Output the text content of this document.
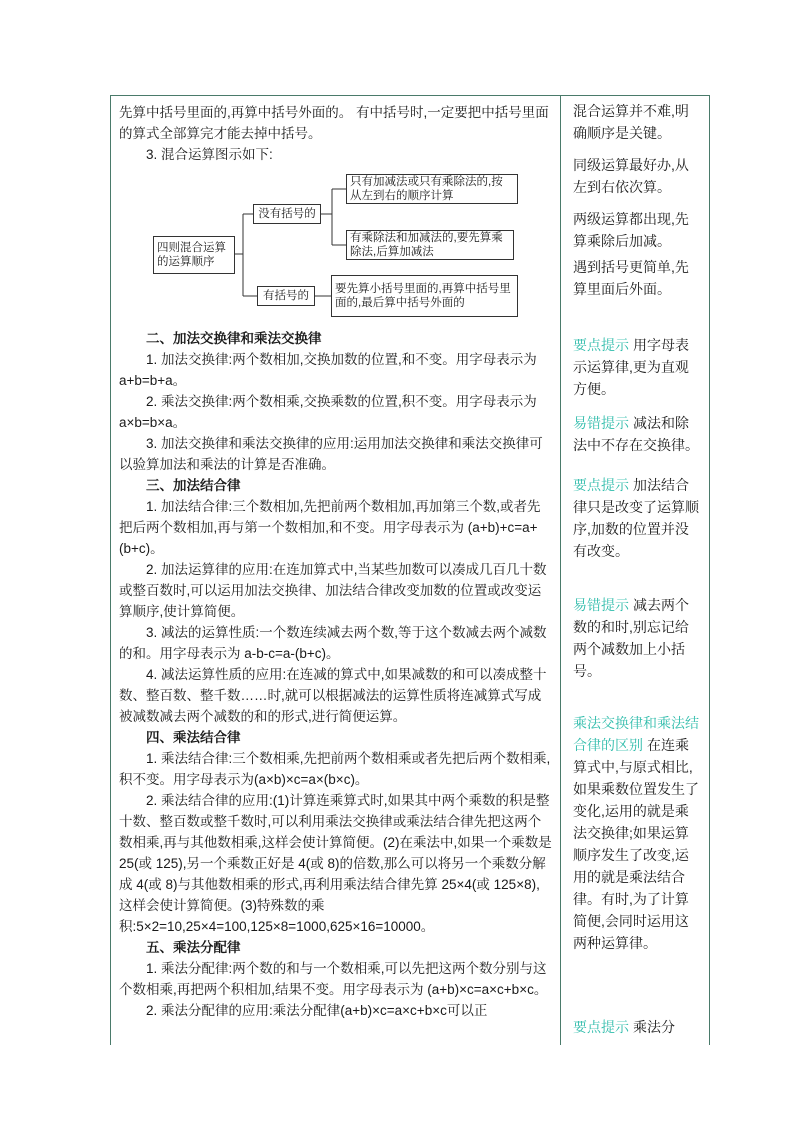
先算中括号里面的,再算中括号外面的。 有中括号时,一定要把中括号里面的算式全部算完才能去掉中括号。

3. 混合运算图示如下:

四则混合运算的运算顺序
没有括号的
有括号的
只有加减法或只有乘除法的,按从左到右的顺序计算
有乘除法和加减法的,要先算乘除法,后算加减法
要先算小括号里面的,再算中括号里面的,最后算中括号外面的

二、加法交换律和乘法交换律

1. 加法交换律:两个数相加,交换加数的位置,和不变。用字母表示为 a+b=b+a。

2. 乘法交换律:两个数相乘,交换乘数的位置,积不变。用字母表示为 a×b=b×a。

3. 加法交换律和乘法交换律的应用:运用加法交换律和乘法交换律可以验算加法和乘法的计算是否准确。

三、加法结合律

1. 加法结合律:三个数相加,先把前两个数相加,再加第三个数,或者先把后两个数相加,再与第一个数相加,和不变。用字母表示为 (a+b)+c=a+(b+c)。

2. 加法运算律的应用:在连加算式中,当某些加数可以凑成几百几十数或整百数时,可以运用加法交换律、加法结合律改变加数的位置或改变运算顺序,使计算简便。

3. 减法的运算性质:一个数连续减去两个数,等于这个数减去两个减数的和。用字母表示为 a-b-c=a-(b+c)。

4. 减法运算性质的应用:在连减的算式中,如果减数的和可以凑成整十数、整百数、整千数……时,就可以根据减法的运算性质将连减算式写成被减数减去两个减数的和的形式,进行简便运算。

四、乘法结合律

1. 乘法结合律:三个数相乘,先把前两个数相乘或者先把后两个数相乘,积不变。用字母表示为(a×b)×c=a×(b×c)。

2. 乘法结合律的应用:(1)计算连乘算式时,如果其中两个乘数的积是整十数、整百数或整千数时,可以利用乘法交换律或乘法结合律先把这两个数相乘,再与其他数相乘,这样会使计算简便。(2)在乘法中,如果一个乘数是 25(或 125),另一个乘数正好是 4(或 8)的倍数,那么可以将另一个乘数分解成 4(或 8)与其他数相乘的形式,再利用乘法结合律先算 25×4(或 125×8),这样会使计算简便。(3)特殊数的乘积:5×2=10,25×4=100,125×8=1000,625×16=10000。

五、乘法分配律

1. 乘法分配律:两个数的和与一个数相乘,可以先把这两个数分别与这个数相乘,再把两个积相加,结果不变。用字母表示为 (a+b)×c=a×c+b×c。

2. 乘法分配律的应用:乘法分配律(a+b)×c=a×c+b×c可以正

混合运算并不难,明确顺序是关键。
同级运算最好办,从左到右依次算。
两级运算都出现,先算乘除后加减。
遇到括号更简单,先算里面后外面。
要点提示 用字母表示运算律,更为直观方便。
易错提示 减法和除法中不存在交换律。
要点提示 加法结合律只是改变了运算顺序,加数的位置并没有改变。
易错提示 减去两个数的和时,别忘记给两个减数加上小括号。
乘法交换律和乘法结合律的区别 在连乘算式中,与原式相比,如果乘数位置发生了变化,运用的就是乘法交换律;如果运算顺序发生了改变,运用的就是乘法结合律。有时,为了计算简便,会同时运用这两种运算律。
要点提示 乘法分
